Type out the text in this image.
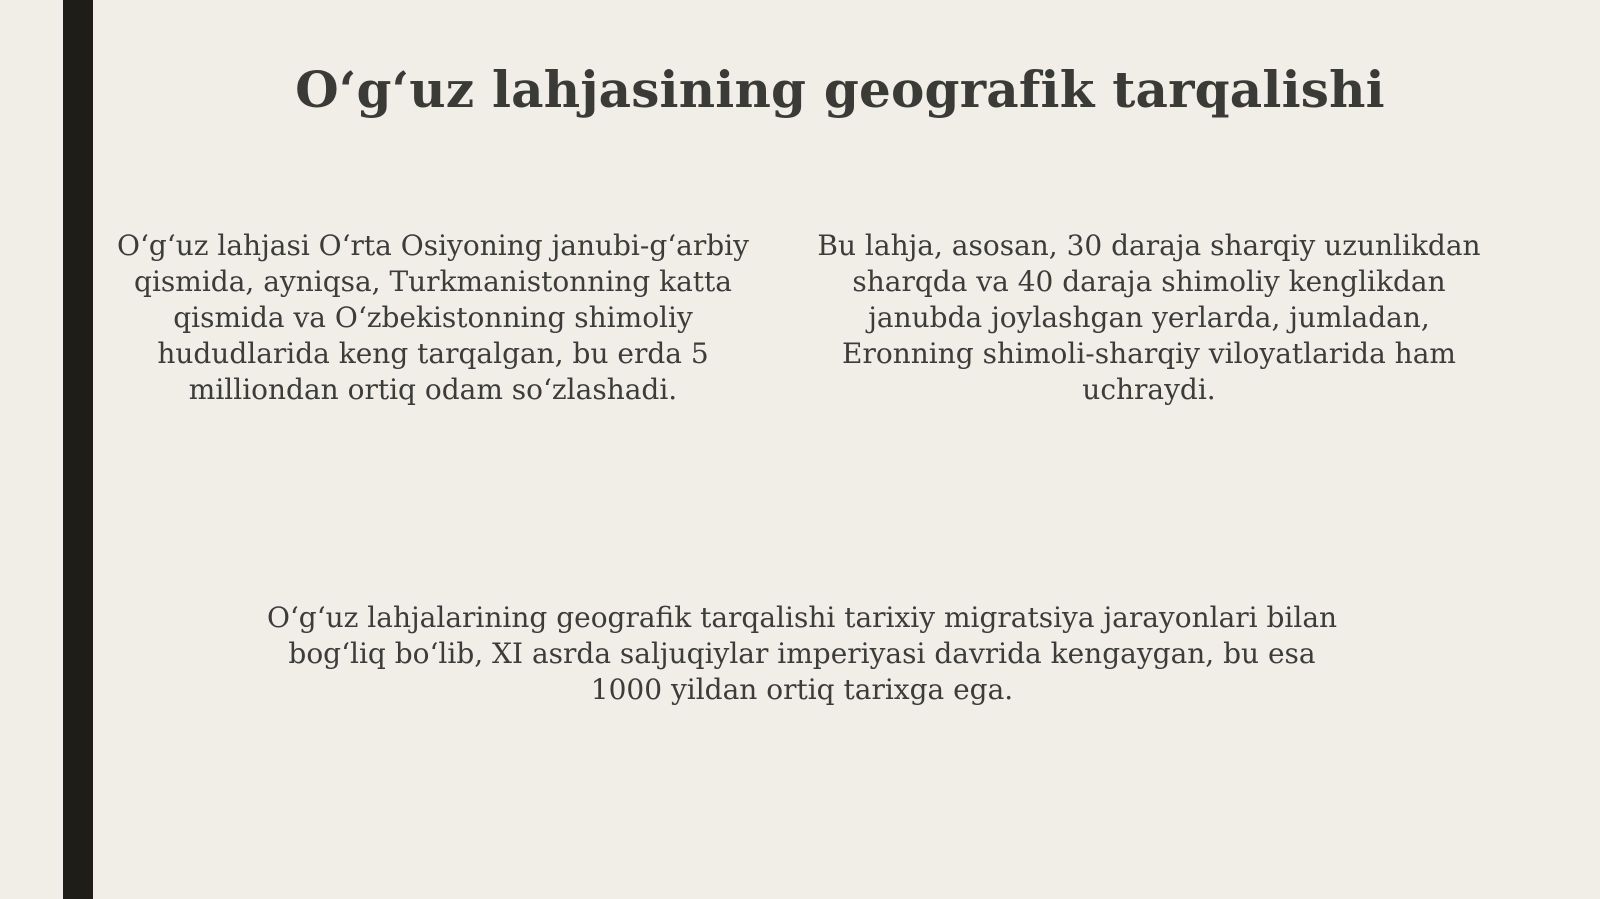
O‘g‘uz lahjasining geografik tarqalishi

O‘g‘uz lahjasi O‘rta Osiyoning janubi-g‘arbiy qismida, ayniqsa, Turkmanistonning katta qismida va O‘zbekistonning shimoliy hududlarida keng tarqalgan, bu erda 5 milliondan ortiq odam so‘zlashadi.

Bu lahja, asosan, 30 daraja sharqiy uzunlikdan sharqda va 40 daraja shimoliy kenglikdan janubda joylashgan yerlarda, jumladan, Eronning shimoli-sharqiy viloyatlarida ham uchraydi.

O‘g‘uz lahjalarining geografik tarqalishi tarixiy migratsiya jarayonlari bilan bog‘liq bo‘lib, XI asrda saljuqiylar imperiyasi davrida kengaygan, bu esa 1000 yildan ortiq tarixga ega.
